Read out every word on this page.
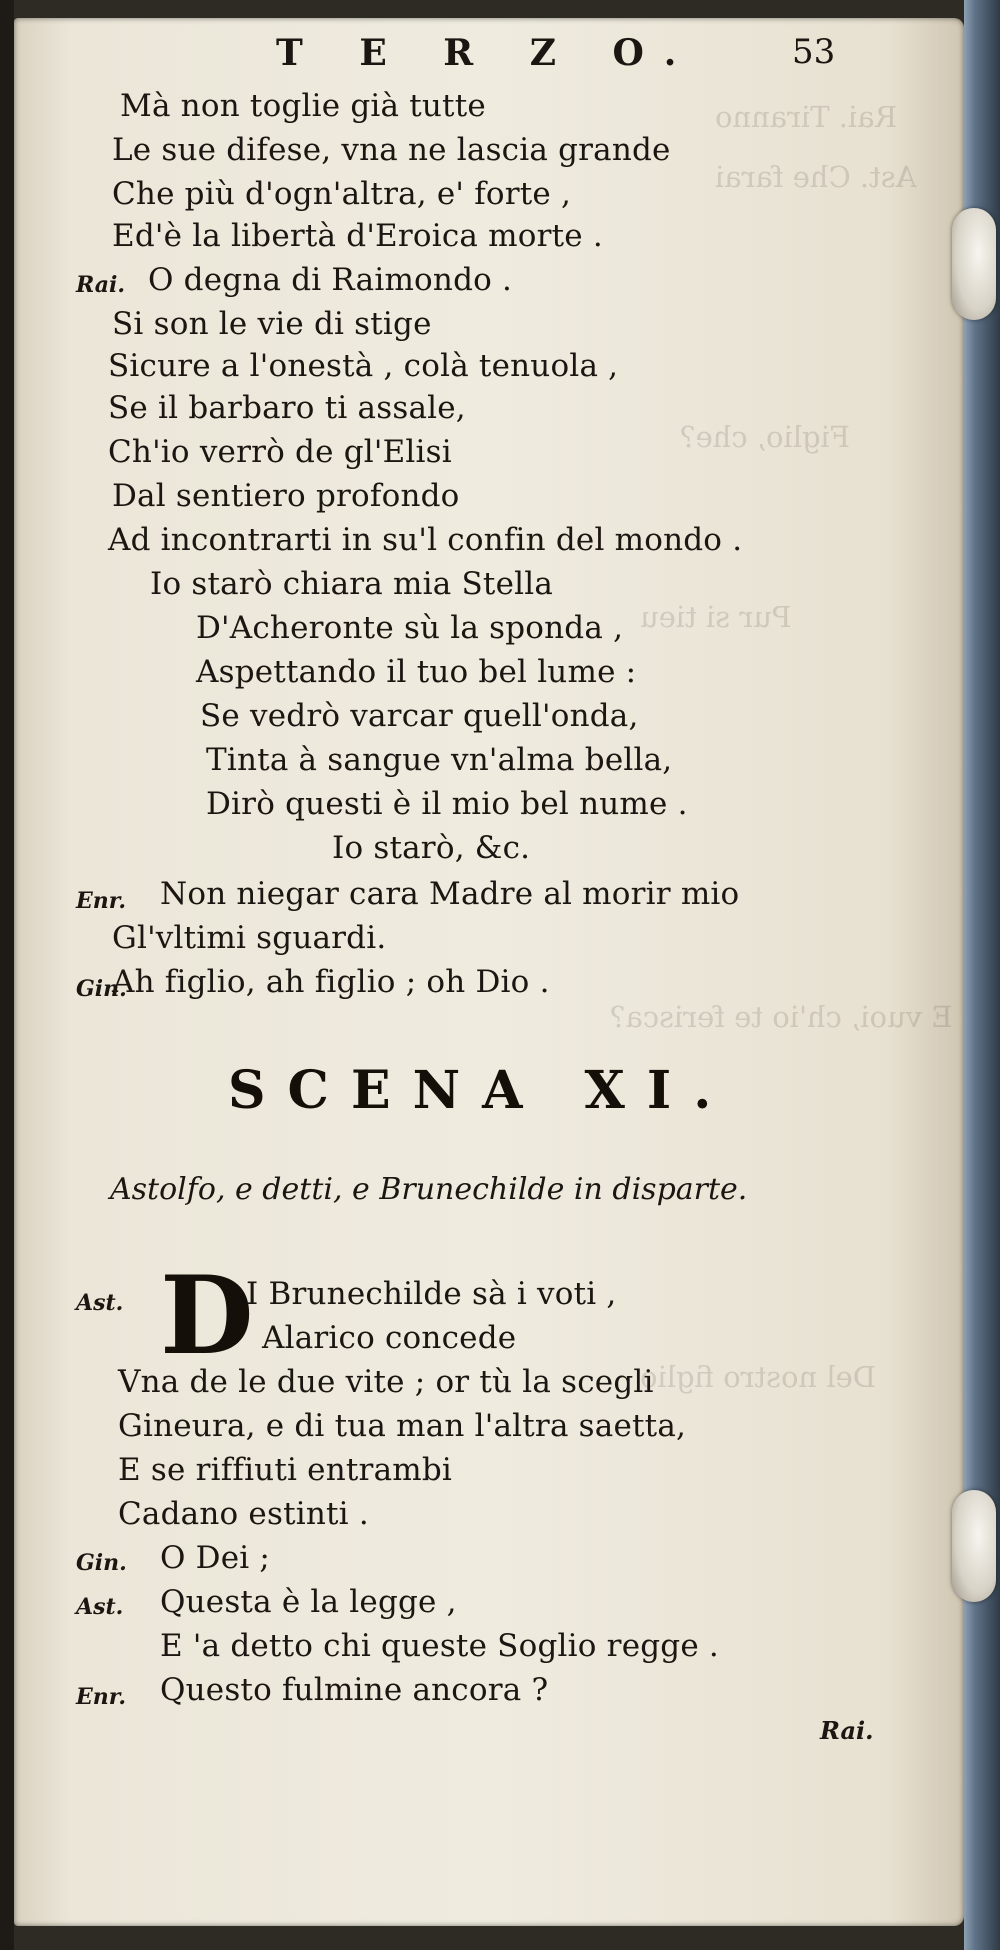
Rai. Tiranno
Ast. Che farai
Figlio, che?
Pur si tieu
E vuoi, ch'io te ferisca?
Del nostro figlio
T E R Z O.	53
Mà non toglie già tutte
Le sue difese, vna ne lascia grande
Che più d'ogn'altra, e' forte ,
Ed'è la libertà d'Eroica morte .
Rai. O degna di Raimondo .
Si son le vie di stige
Sicure a l'onestà , colà tenuola ,
Se il barbaro ti assale,
Ch'io verrò de gl'Elisi
Dal sentiero profondo
Ad incontrarti in su'l confin del mondo .
Io starò chiara mia Stella
D'Acheronte sù la sponda ,
Aspettando il tuo bel lume :
Se vedrò varcar quell'onda,
Tinta à sangue vn'alma bella,
Dirò questi è il mio bel nume .
Io starò, &c.
Enr. Non niegar cara Madre al morir mio
Gl'vltimi sguardi.
Gin.
Ah figlio, ah figlio ; oh Dio .
SCENA XI.
Astolfo, e detti, e Brunechilde in disparte.
Ast. D
I Brunechilde sà i voti ,
Alarico concede
Vna de le due vite ; or tù la scegli
Gineura, e di tua man l'altra saetta,
E se riffiuti entrambi
Cadano estinti .
Gin. O Dei ;
Ast. Questa è la legge ,
E 'a detto chi queste Soglio regge .
Enr. Questo fulmine ancora ?
Rai.
